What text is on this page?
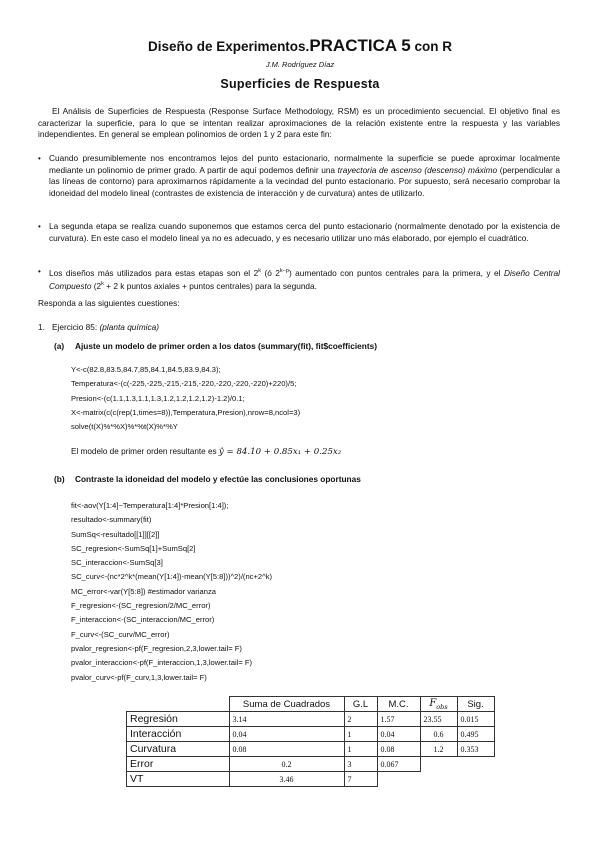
Diseño de Experimentos.PRACTICA 5 con R
J.M. Rodríguez Díaz
Superficies de Respuesta
El Análisis de Superficies de Respuesta (Response Surface Methodology, RSM) es un procedimiento secuencial. El objetivo final es caracterizar la superficie, para lo que se intentan realizar aproximaciones de la relación existente entre la respuesta y las variables independientes. En general se emplean polinomios de orden 1 y 2 para este fin:
• Cuando presumiblemente nos encontramos lejos del punto estacionario, normalmente la superficie se puede aproximar localmente mediante un polinomio de primer grado. A partir de aquí podemos definir una trayectoria de ascenso (descenso) máximo (perpendicular a las líneas de contorno) para aproximarnos rápidamente a la vecindad del punto estacionario. Por supuesto, será necesario comprobar la idoneidad del modelo lineal (contrastes de existencia de interacción y de curvatura) antes de utilizarlo.
• La segunda etapa se realiza cuando suponemos que estamos cerca del punto estacionario (normalmente denotado por la existencia de curvatura). En este caso el modelo lineal ya no es adecuado, y es necesario utilizar uno más elaborado, por ejemplo el cuadrático.
• Los diseños más utilizados para estas etapas son el 2$^k$ (ó $2^{k-p}$) aumentado con puntos centrales para la primera, y el Diseño Central Compuesto ($2^k + 2$ k puntos axiales + puntos centrales) para la segunda.
Responda a las siguientes cuestiones:
1. Ejercicio 85: (planta química)
(a) Ajuste un modelo de primer orden a los datos (summary(fit), fit$coefficients)
Y<-c(82.8,83.5,84.7,85,84.1,84.5,83.9,84.3);
Temperatura<-(c(-225,-225,-215,-215,-220,-220,-220,-220)+220)/5;
Presion<-(c(1.1,1.3,1.1,1.3,1.2,1.2,1.2,1.2)-1.2)/0.1;
X<-matrix(c(c(rep(1,times=8)),Temperatura,Presion),nrow=8,ncol=3)
solve(t(X)%*%X)%*%t(X)%*%Y
El modelo de primer orden resultante es ŷ = 84.10 + 0.85x₁ + 0.25x₂
(b) Contraste la idoneidad del modelo y efectúe las conclusiones oportunas
fit<-aov(Y[1:4]~Temperatura[1:4]*Presion[1:4]);
resultado<-summary(fit)
SumSq<-resultado[[1]][[2]]
SC_regresion<-SumSq[1]+SumSq[2]
SC_interaccion<-SumSq[3]
SC_curv<-(nc*2^k*(mean(Y[1:4])-mean(Y[5:8]))^2)/(nc+2^k)
MC_error<-var(Y[5:8]) #estimador varianza
F_regresion<-(SC_regresion/2/MC_error)
F_interaccion<-(SC_interaccion/MC_error)
F_curv<-(SC_curv/MC_error)
pvalor_regresion<-pf(F_regresion,2,3,lower.tail= F)
pvalor_interaccion<-pf(F_interaccion,1,3,lower.tail= F)
pvalor_curv<-pf(F_curv,1,3,lower.tail= F)
	Suma de Cuadrados	G.L	M.C.	$F_{obs}$	Sig.
Regresión	3.14	2	1.57	23.55	0.015
Interacción	0.04	1	0.04	0.6	0.495
Curvatura	0.08	1	0.08	1.2	0.353
Error	0.2	3	0.067		
VT	3.46	7			
